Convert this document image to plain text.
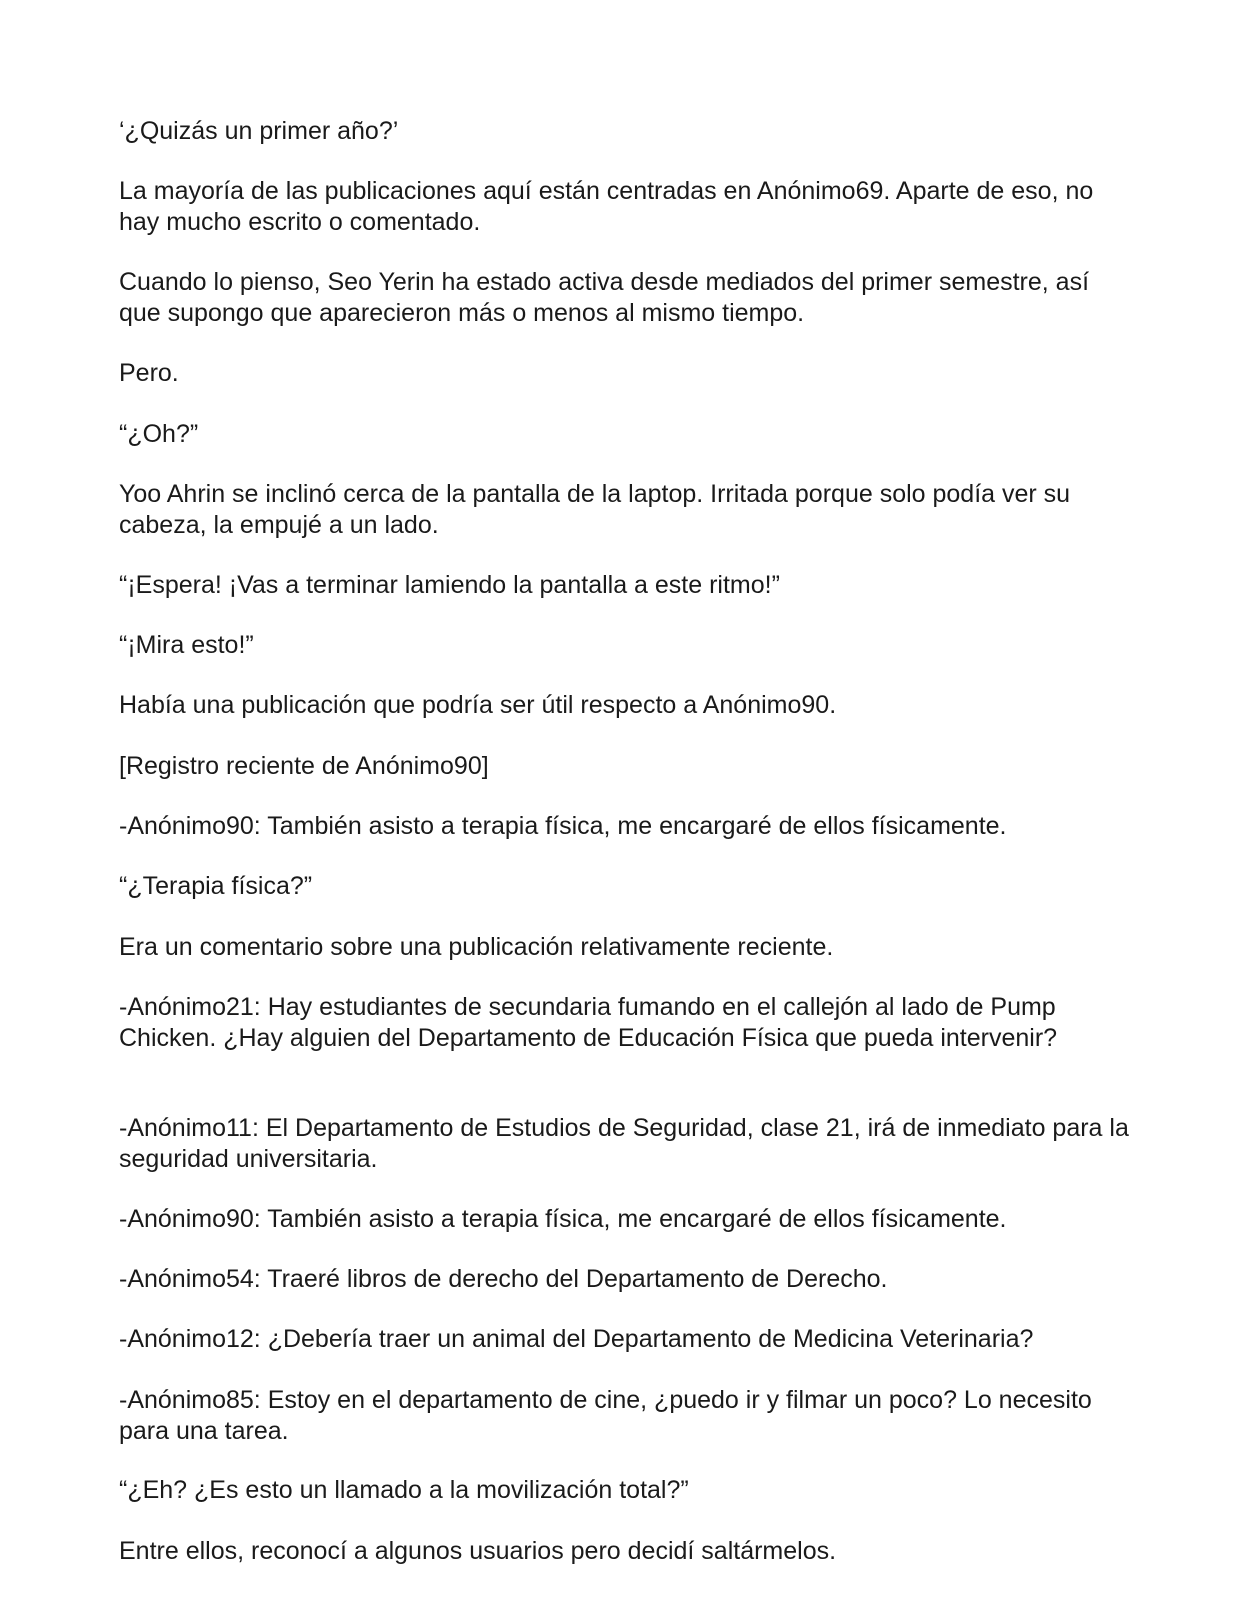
‘¿Quizás un primer año?’

La mayoría de las publicaciones aquí están centradas en Anónimo69. Aparte de eso, no hay mucho escrito o comentado.

Cuando lo pienso, Seo Yerin ha estado activa desde mediados del primer semestre, así que supongo que aparecieron más o menos al mismo tiempo.

Pero.

“¿Oh?”

Yoo Ahrin se inclinó cerca de la pantalla de la laptop. Irritada porque solo podía ver su cabeza, la empujé a un lado.

“¡Espera! ¡Vas a terminar lamiendo la pantalla a este ritmo!”

“¡Mira esto!”

Había una publicación que podría ser útil respecto a Anónimo90.

[Registro reciente de Anónimo90]

-Anónimo90: También asisto a terapia física, me encargaré de ellos físicamente.

“¿Terapia física?”

Era un comentario sobre una publicación relativamente reciente.

-Anónimo21: Hay estudiantes de secundaria fumando en el callejón al lado de Pump Chicken. ¿Hay alguien del Departamento de Educación Física que pueda intervenir?

-Anónimo11: El Departamento de Estudios de Seguridad, clase 21, irá de inmediato para la seguridad universitaria.

-Anónimo90: También asisto a terapia física, me encargaré de ellos físicamente.

-Anónimo54: Traeré libros de derecho del Departamento de Derecho.

-Anónimo12: ¿Debería traer un animal del Departamento de Medicina Veterinaria?

-Anónimo85: Estoy en el departamento de cine, ¿puedo ir y filmar un poco? Lo necesito para una tarea.

“¿Eh? ¿Es esto un llamado a la movilización total?”

Entre ellos, reconocí a algunos usuarios pero decidí saltármelos.
